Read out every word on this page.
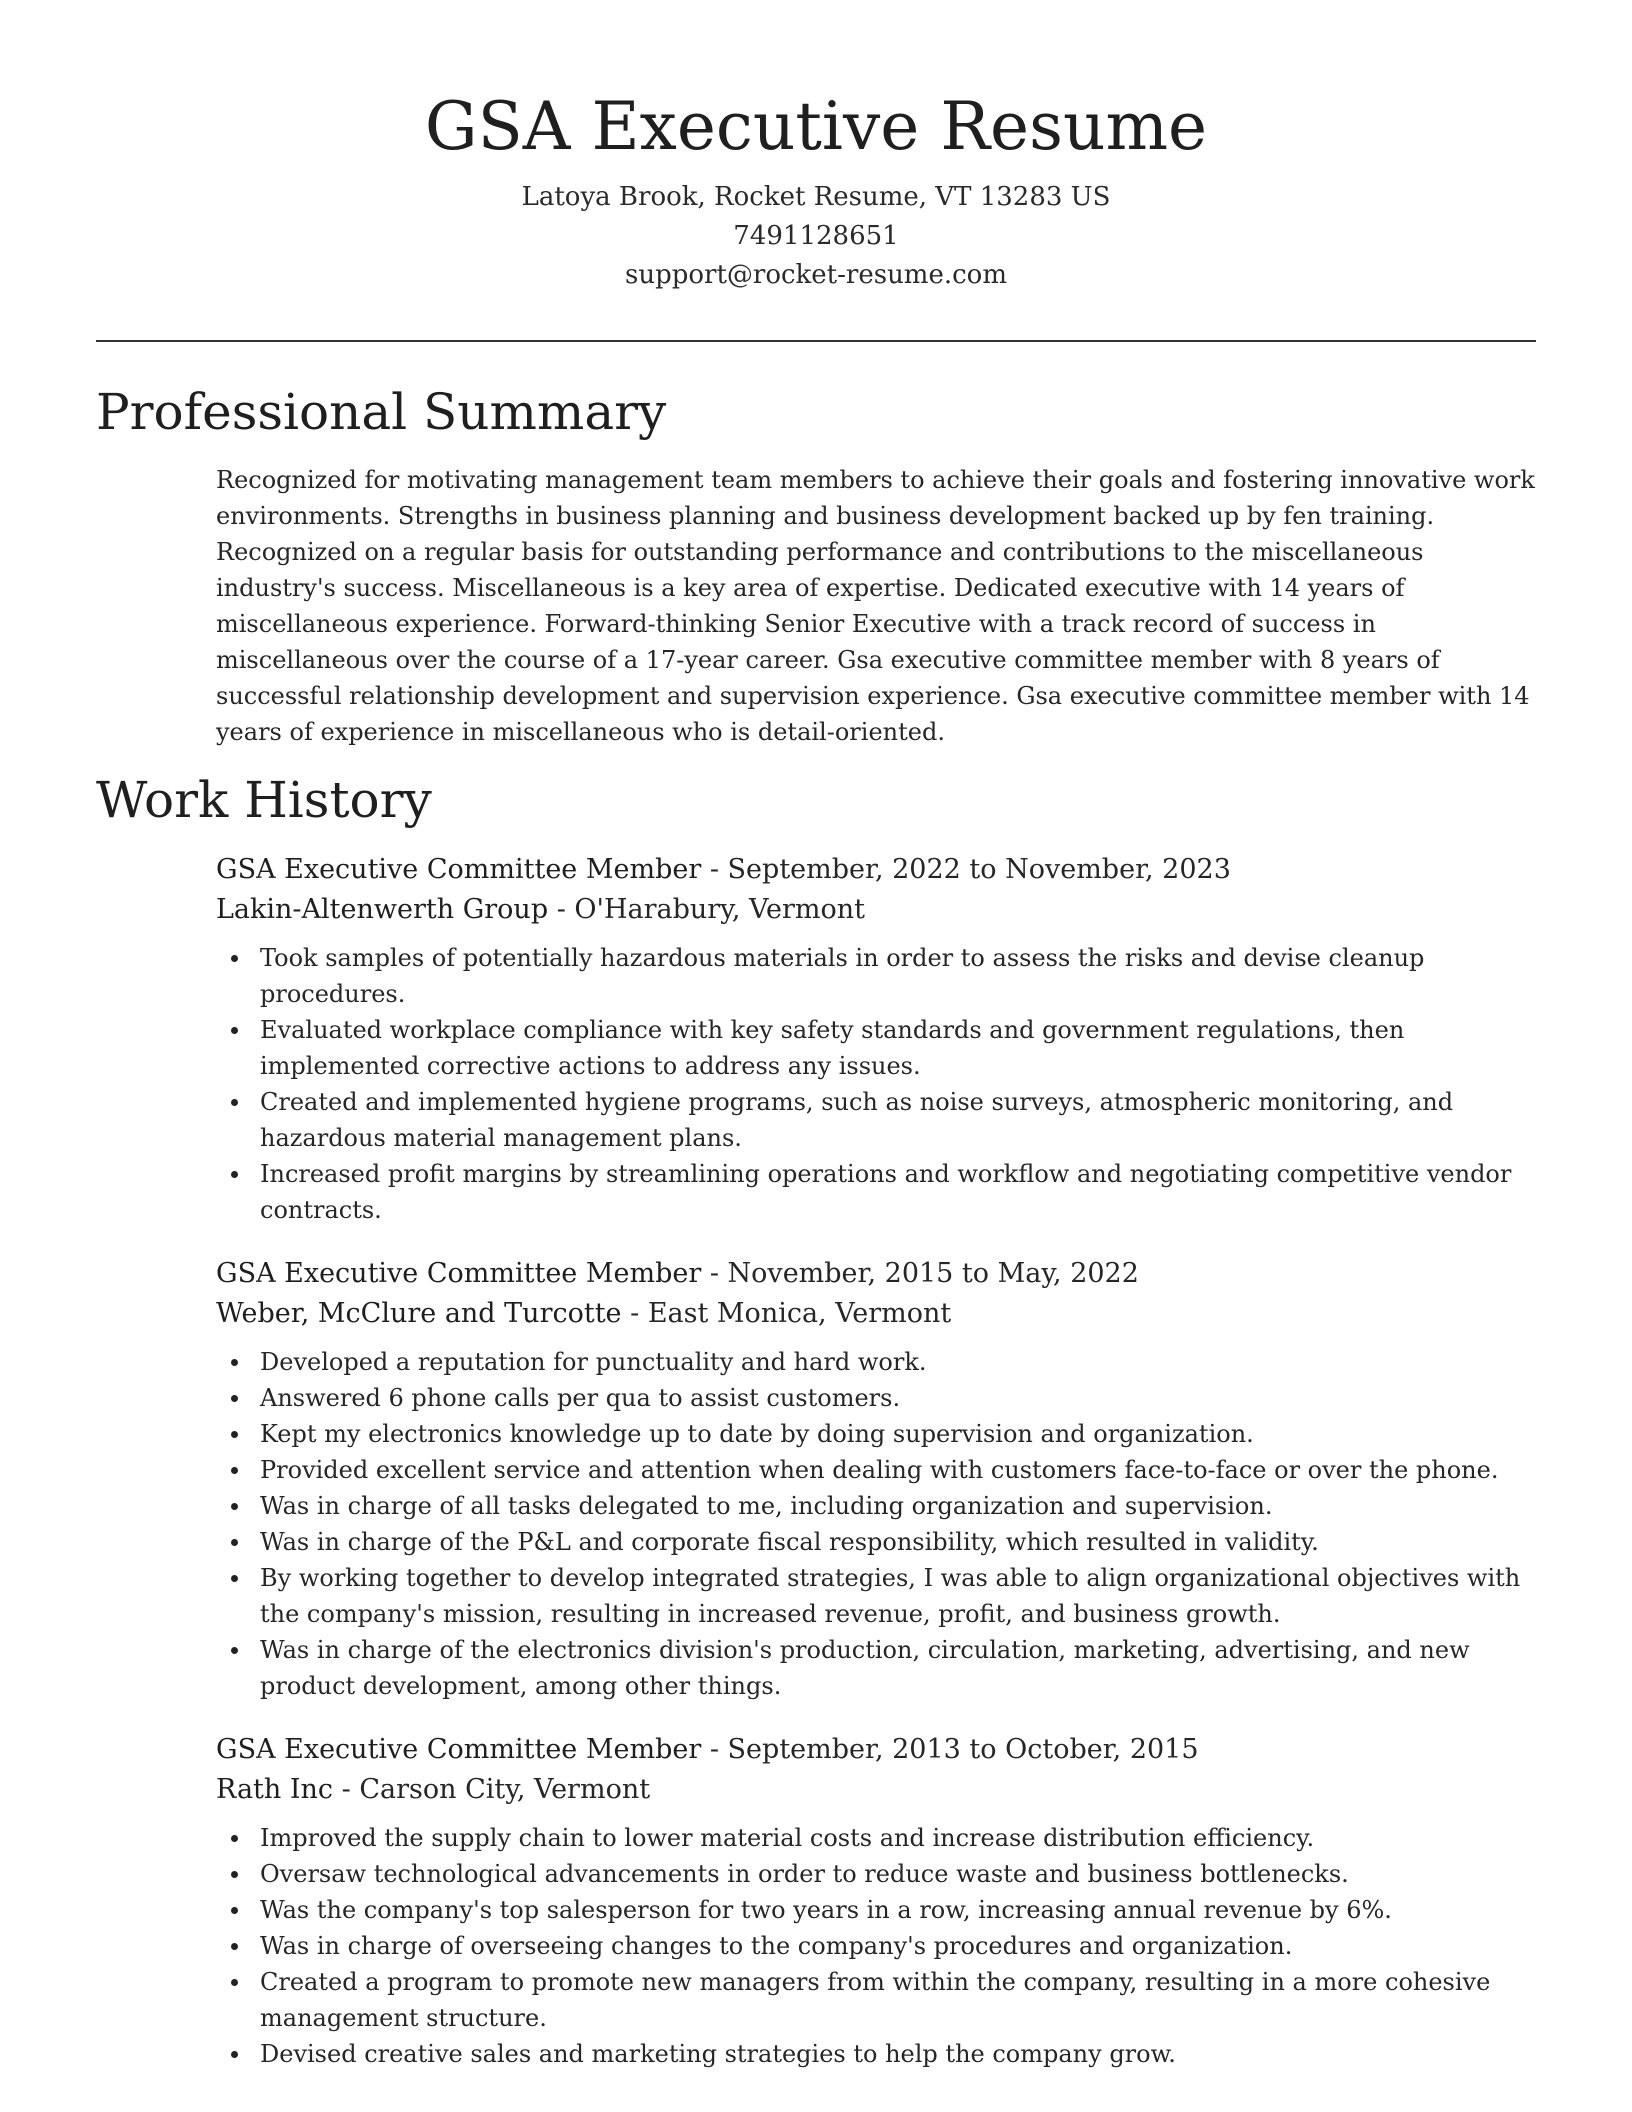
GSA Executive Resume
Latoya Brook, Rocket Resume, VT 13283 US
7491128651
support@rocket-resume.com
Professional Summary

Recognized for motivating management team members to achieve their goals and fostering innovative work environments. Strengths in business planning and business development backed up by fen training. Recognized on a regular basis for outstanding performance and contributions to the miscellaneous industry's success. Miscellaneous is a key area of expertise. Dedicated executive with 14 years of miscellaneous experience. Forward-thinking Senior Executive with a track record of success in miscellaneous over the course of a 17-year career. Gsa executive committee member with 8 years of successful relationship development and supervision experience. Gsa executive committee member with 14 years of experience in miscellaneous who is detail-oriented.

Work History

GSA Executive Committee Member - September, 2022 to November, 2023

Lakin-Altenwerth Group - O'Harabury, Vermont

Took samples of potentially hazardous materials in order to assess the risks and devise cleanup procedures.
Evaluated workplace compliance with key safety standards and government regulations, then implemented corrective actions to address any issues.
Created and implemented hygiene programs, such as noise surveys, atmospheric monitoring, and hazardous material management plans.
Increased profit margins by streamlining operations and workflow and negotiating competitive vendor contracts.

GSA Executive Committee Member - November, 2015 to May, 2022

Weber, McClure and Turcotte - East Monica, Vermont

Developed a reputation for punctuality and hard work.
Answered 6 phone calls per qua to assist customers.
Kept my electronics knowledge up to date by doing supervision and organization.
Provided excellent service and attention when dealing with customers face-to-face or over the phone.
Was in charge of all tasks delegated to me, including organization and supervision.
Was in charge of the P&L and corporate fiscal responsibility, which resulted in validity.
By working together to develop integrated strategies, I was able to align organizational objectives with the company's mission, resulting in increased revenue, profit, and business growth.
Was in charge of the electronics division's production, circulation, marketing, advertising, and new product development, among other things.

GSA Executive Committee Member - September, 2013 to October, 2015

Rath Inc - Carson City, Vermont

Improved the supply chain to lower material costs and increase distribution efficiency.
Oversaw technological advancements in order to reduce waste and business bottlenecks.
Was the company's top salesperson for two years in a row, increasing annual revenue by 6%.
Was in charge of overseeing changes to the company's procedures and organization.
Created a program to promote new managers from within the company, resulting in a more cohesive management structure.
Devised creative sales and marketing strategies to help the company grow.
